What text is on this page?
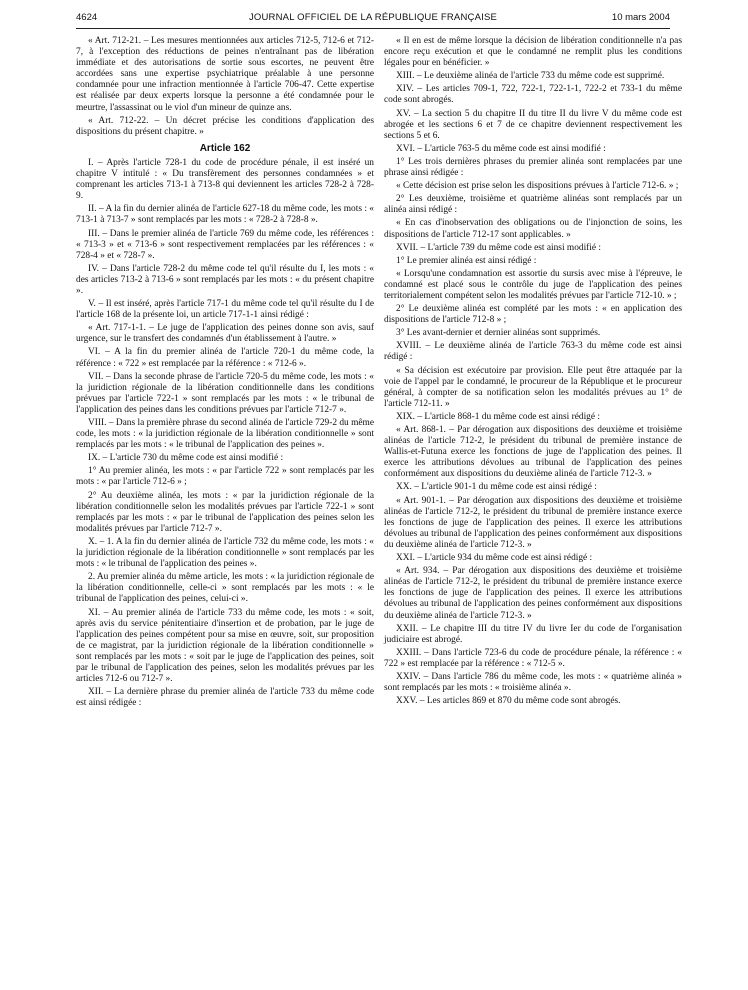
4624	JOURNAL OFFICIEL DE LA RÉPUBLIQUE FRANÇAISE	10 mars 2004

« Art. 712-21. – Les mesures mentionnées aux articles 712-5, 712-6 et 712-7, à l'exception des réductions de peines n'entraînant pas de libération immédiate et des autorisations de sortie sous escortes, ne peuvent être accordées sans une expertise psychiatrique préalable à une personne condamnée pour une infraction mentionnée à l'article 706-47. Cette expertise est réalisée par deux experts lorsque la personne a été condamnée pour le meurtre, l'assassinat ou le viol d'un mineur de quinze ans.

« Art. 712-22. – Un décret précise les conditions d'application des dispositions du présent chapitre. »

Article 162

I. – Après l'article 728-1 du code de procédure pénale, il est inséré un chapitre V intitulé : « Du transfèrement des personnes condamnées » et comprenant les articles 713-1 à 713-8 qui deviennent les articles 728-2 à 728-9.

II. – A la fin du dernier alinéa de l'article 627-18 du même code, les mots : « 713-1 à 713-7 » sont remplacés par les mots : « 728-2 à 728-8 ».

III. – Dans le premier alinéa de l'article 769 du même code, les références : « 713-3 » et « 713-6 » sont respectivement remplacées par les références : « 728-4 » et « 728-7 ».

IV. – Dans l'article 728-2 du même code tel qu'il résulte du I, les mots : « des articles 713-2 à 713-6 » sont remplacés par les mots : « du présent chapitre ».

V. – Il est inséré, après l'article 717-1 du même code tel qu'il résulte du I de l'article 168 de la présente loi, un article 717-1-1 ainsi rédigé :

« Art. 717-1-1. – Le juge de l'application des peines donne son avis, sauf urgence, sur le transfert des condamnés d'un établissement à l'autre. »

VI. – A la fin du premier alinéa de l'article 720-1 du même code, la référence : « 722 » est remplacée par la référence : « 712-6 ».

VII. – Dans la seconde phrase de l'article 720-5 du même code, les mots : « la juridiction régionale de la libération conditionnelle dans les conditions prévues par l'article 722-1 » sont remplacés par les mots : « le tribunal de l'application des peines dans les conditions prévues par l'article 712-7 ».

VIII. – Dans la première phrase du second alinéa de l'article 729-2 du même code, les mots : « la juridiction régionale de la libération conditionnelle » sont remplacés par les mots : « le tribunal de l'application des peines ».

IX. – L'article 730 du même code est ainsi modifié :

1° Au premier alinéa, les mots : « par l'article 722 » sont remplacés par les mots : « par l'article 712-6 » ;

2° Au deuxième alinéa, les mots : « par la juridiction régionale de la libération conditionnelle selon les modalités prévues par l'article 722-1 » sont remplacés par les mots : « par le tribunal de l'application des peines selon les modalités prévues par l'article 712-7 ».

X. – 1. A la fin du dernier alinéa de l'article 732 du même code, les mots : « la juridiction régionale de la libération conditionnelle » sont remplacés par les mots : « le tribunal de l'application des peines ».

2. Au premier alinéa du même article, les mots : « la juridiction régionale de la libération conditionnelle, celle-ci » sont remplacés par les mots : « le tribunal de l'application des peines, celui-ci ».

XI. – Au premier alinéa de l'article 733 du même code, les mots : « soit, après avis du service pénitentiaire d'insertion et de probation, par le juge de l'application des peines compétent pour sa mise en œuvre, soit, sur proposition de ce magistrat, par la juridiction régionale de la libération conditionnelle » sont remplacés par les mots : « soit par le juge de l'application des peines, soit par le tribunal de l'application des peines, selon les modalités prévues par les articles 712-6 ou 712-7 ».

XII. – La dernière phrase du premier alinéa de l'article 733 du même code est ainsi rédigée :

« Il en est de même lorsque la décision de libération conditionnelle n'a pas encore reçu exécution et que le condamné ne remplit plus les conditions légales pour en bénéficier. »

XIII. – Le deuxième alinéa de l'article 733 du même code est supprimé.

XIV. – Les articles 709-1, 722, 722-1, 722-1-1, 722-2 et 733-1 du même code sont abrogés.

XV. – La section 5 du chapitre II du titre II du livre V du même code est abrogée et les sections 6 et 7 de ce chapitre deviennent respectivement les sections 5 et 6.

XVI. – L'article 763-5 du même code est ainsi modifié :

1° Les trois dernières phrases du premier alinéa sont remplacées par une phrase ainsi rédigée :

« Cette décision est prise selon les dispositions prévues à l'article 712-6. » ;

2° Les deuxième, troisième et quatrième alinéas sont remplacés par un alinéa ainsi rédigé :

« En cas d'inobservation des obligations ou de l'injonction de soins, les dispositions de l'article 712-17 sont applicables. »

XVII. – L'article 739 du même code est ainsi modifié :

1° Le premier alinéa est ainsi rédigé :

« Lorsqu'une condamnation est assortie du sursis avec mise à l'épreuve, le condamné est placé sous le contrôle du juge de l'application des peines territorialement compétent selon les modalités prévues par l'article 712-10. » ;

2° Le deuxième alinéa est complété par les mots : « en application des dispositions de l'article 712-8 » ;

3° Les avant-dernier et dernier alinéas sont supprimés.

XVIII. – Le deuxième alinéa de l'article 763-3 du même code est ainsi rédigé :

« Sa décision est exécutoire par provision. Elle peut être attaquée par la voie de l'appel par le condamné, le procureur de la République et le procureur général, à compter de sa notification selon les modalités prévues au 1° de l'article 712-11. »

XIX. – L'article 868-1 du même code est ainsi rédigé :

« Art. 868-1. – Par dérogation aux dispositions des deuxième et troisième alinéas de l'article 712-2, le président du tribunal de première instance de Wallis-et-Futuna exerce les fonctions de juge de l'application des peines. Il exerce les attributions dévolues au tribunal de l'application des peines conformément aux dispositions du deuxième alinéa de l'article 712-3. »

XX. – L'article 901-1 du même code est ainsi rédigé :

« Art. 901-1. – Par dérogation aux dispositions des deuxième et troisième alinéas de l'article 712-2, le président du tribunal de première instance exerce les fonctions de juge de l'application des peines. Il exerce les attributions dévolues au tribunal de l'application des peines conformément aux dispositions du deuxième alinéa de l'article 712-3. »

XXI. – L'article 934 du même code est ainsi rédigé :

« Art. 934. – Par dérogation aux dispositions des deuxième et troisième alinéas de l'article 712-2, le président du tribunal de première instance exerce les fonctions de juge de l'application des peines. Il exerce les attributions dévolues au tribunal de l'application des peines conformément aux dispositions du deuxième alinéa de l'article 712-3. »

XXII. – Le chapitre III du titre IV du livre Ier du code de l'organisation judiciaire est abrogé.

XXIII. – Dans l'article 723-6 du code de procédure pénale, la référence : « 722 » est remplacée par la référence : « 712-5 ».

XXIV. – Dans l'article 786 du même code, les mots : « quatrième alinéa » sont remplacés par les mots : « troisième alinéa ».

XXV. – Les articles 869 et 870 du même code sont abrogés.
